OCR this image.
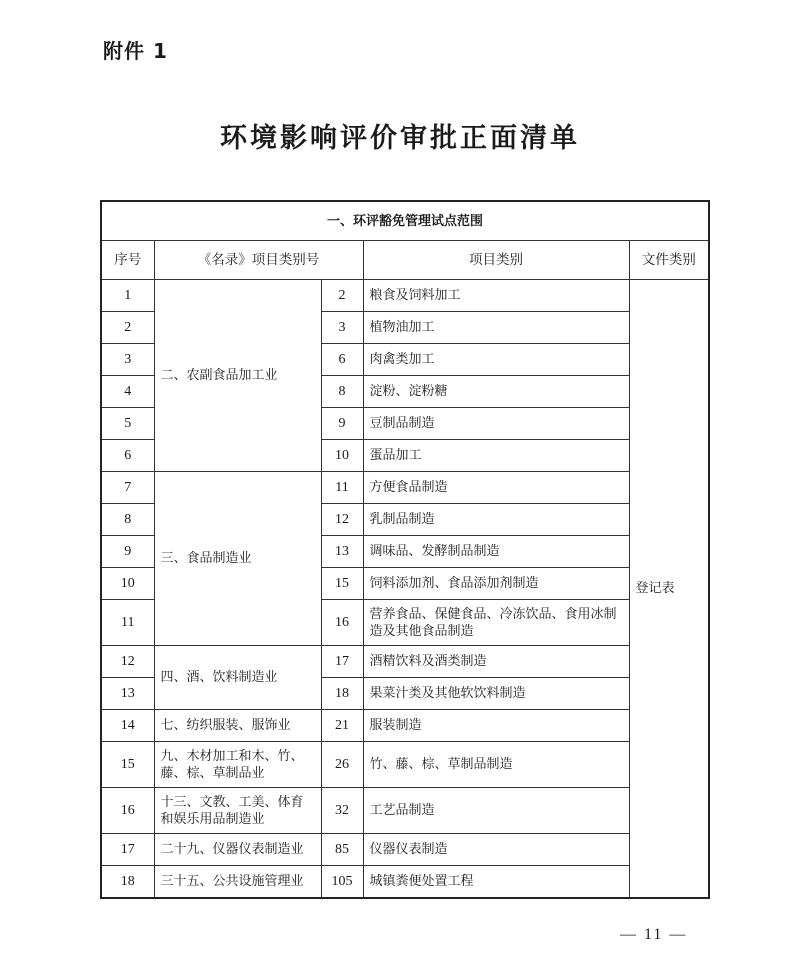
附件 1
环境影响评价审批正面清单
一、环评豁免管理试点范围				
序号	《名录》项目类别号		项目类别	文件类别
1	二、农副食品加工业	2	粮食及饲料加工	登记表
2		3	植物油加工	
3		6	肉禽类加工	
4		8	淀粉、淀粉糖	
5		9	豆制品制造	
6		10	蛋品加工	
7	三、食品制造业	11	方便食品制造	
8		12	乳制品制造	
9		13	调味品、发酵制品制造	
10		15	饲料添加剂、食品添加剂制造	
11		16	营养食品、保健食品、冷冻饮品、食用冰制造及其他食品制造	
12	四、酒、饮料制造业	17	酒精饮料及酒类制造	
13		18	果菜汁类及其他软饮料制造	
14	七、纺织服装、服饰业	21	服装制造	
15	九、木材加工和木、竹、藤、棕、草制品业	26	竹、藤、棕、草制品制造	
16	十三、文教、工美、体育和娱乐用品制造业	32	工艺品制造	
17	二十九、仪器仪表制造业	85	仪器仪表制造	
18	三十五、公共设施管理业	105	城镇粪便处置工程	
— 11 —
